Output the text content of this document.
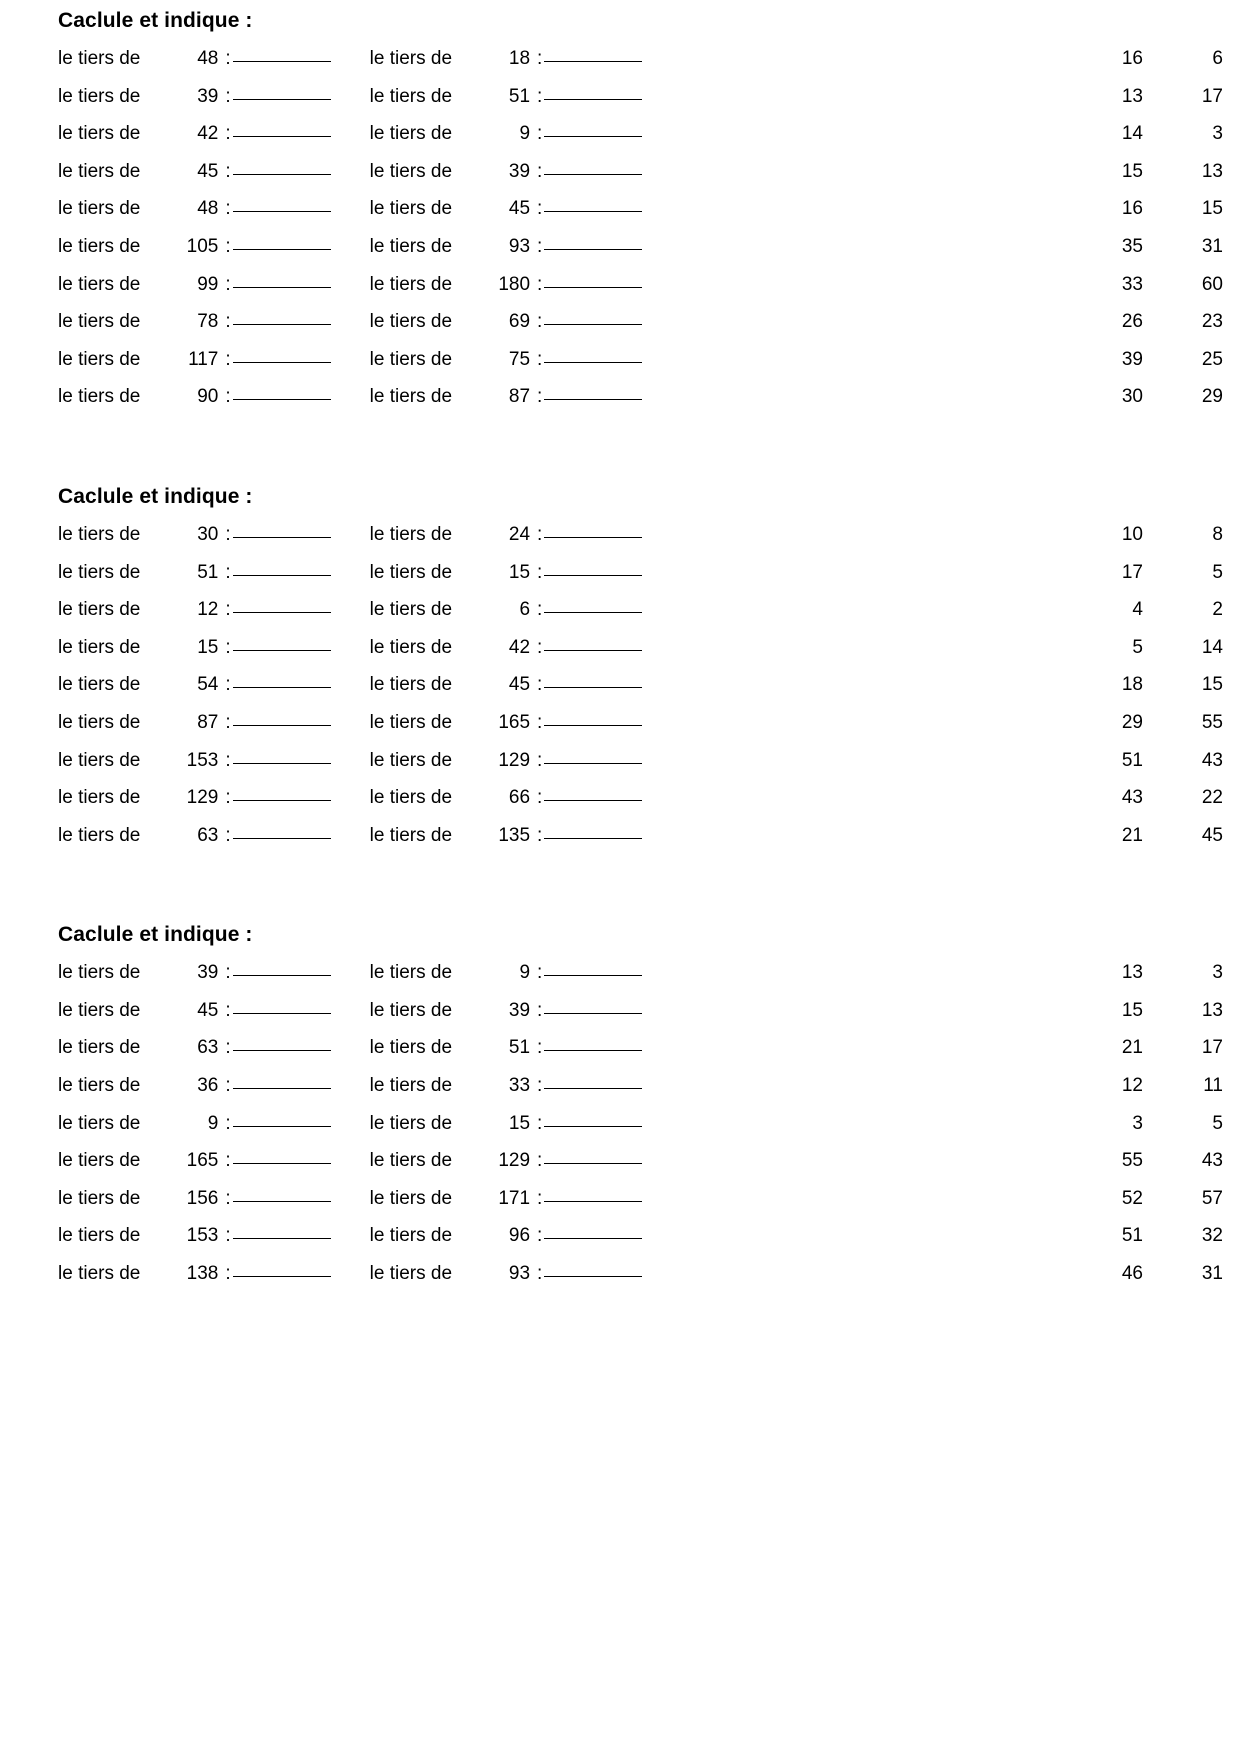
Caclule et indique :
le tiers de	48 :	le tiers de	18 :	16	6
le tiers de	39 :	le tiers de	51 :	13	17
le tiers de	42 :	le tiers de	9 :	14	3
le tiers de	45 :	le tiers de	39 :	15	13
le tiers de	48 :	le tiers de	45 :	16	15
le tiers de	105 :	le tiers de	93 :	35	31
le tiers de	99 :	le tiers de	180 :	33	60
le tiers de	78 :	le tiers de	69 :	26	23
le tiers de	117 :	le tiers de	75 :	39	25
le tiers de	90 :	le tiers de	87 :	30	29
Caclule et indique :
le tiers de	30 :	le tiers de	24 :	10	8
le tiers de	51 :	le tiers de	15 :	17	5
le tiers de	12 :	le tiers de	6 :	4	2
le tiers de	15 :	le tiers de	42 :	5	14
le tiers de	54 :	le tiers de	45 :	18	15
le tiers de	87 :	le tiers de	165 :	29	55
le tiers de	153 :	le tiers de	129 :	51	43
le tiers de	129 :	le tiers de	66 :	43	22
le tiers de	63 :	le tiers de	135 :	21	45
Caclule et indique :
le tiers de	39 :	le tiers de	9 :	13	3
le tiers de	45 :	le tiers de	39 :	15	13
le tiers de	63 :	le tiers de	51 :	21	17
le tiers de	36 :	le tiers de	33 :	12	11
le tiers de	9 :	le tiers de	15 :	3	5
le tiers de	165 :	le tiers de	129 :	55	43
le tiers de	156 :	le tiers de	171 :	52	57
le tiers de	153 :	le tiers de	96 :	51	32
le tiers de	138 :	le tiers de	93 :	46	31
